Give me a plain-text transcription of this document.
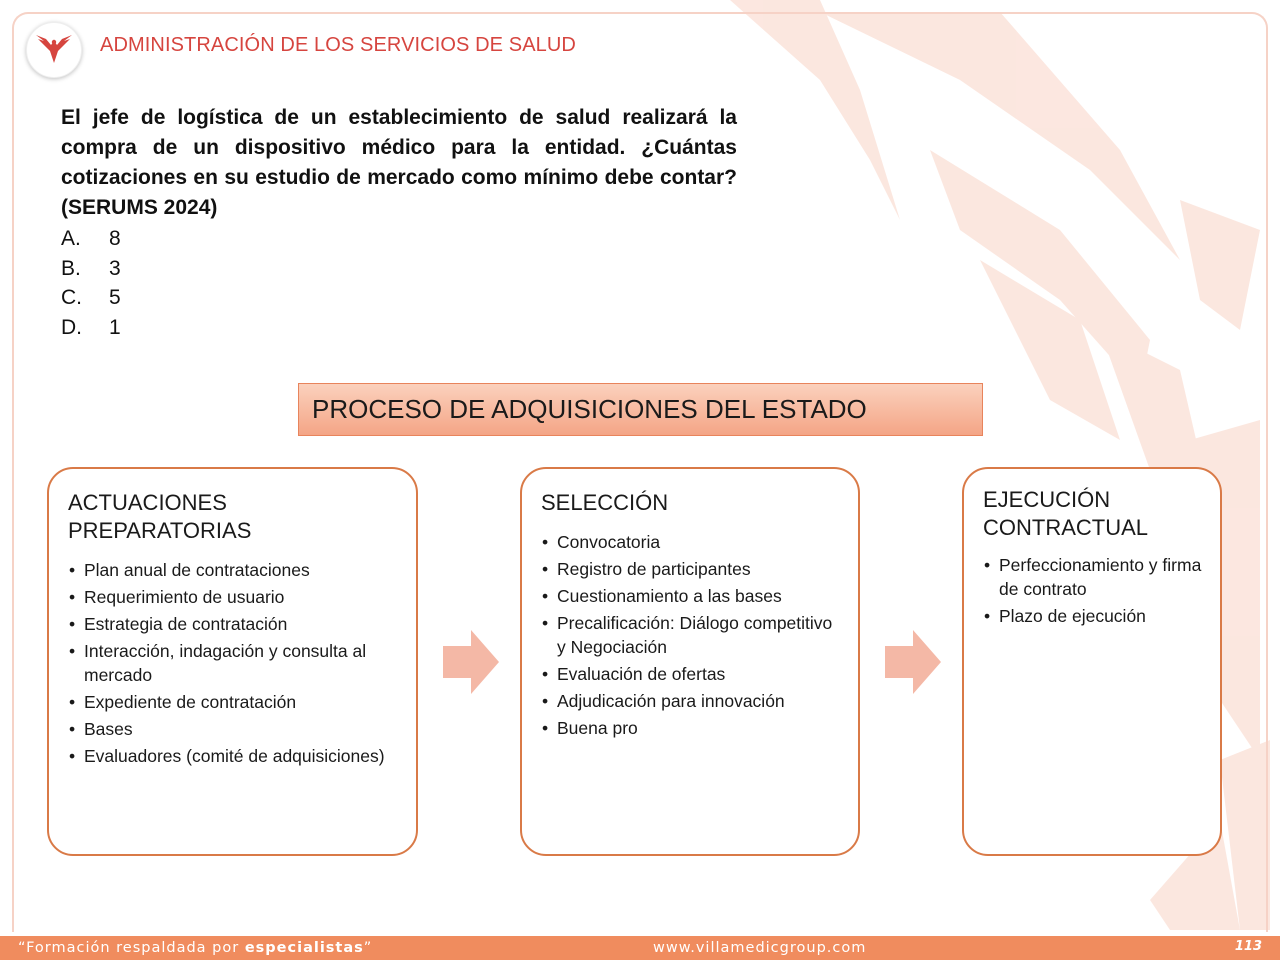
ADMINISTRACIÓN DE LOS SERVICIOS DE SALUD
El jefe de logística de un establecimiento de salud realizará la compra de un dispositivo médico para la entidad. ¿Cuántas cotizaciones en su estudio de mercado como mínimo debe contar? (SERUMS 2024)
A.	8
B.	3
C.	5
D.	1
PROCESO DE ADQUISICIONES DEL ESTADO
ACTUACIONES PREPARATORIAS
• Plan anual de contrataciones
• Requerimiento de usuario
• Estrategia de contratación
• Interacción, indagación y consulta al mercado
• Expediente de contratación
• Bases
• Evaluadores (comité de adquisiciones)
SELECCIÓN
• Convocatoria
• Registro de participantes
• Cuestionamiento a las bases
• Precalificación: Diálogo competitivo y Negociación
• Evaluación de ofertas
• Adjudicación para innovación
• Buena pro
EJECUCIÓN CONTRACTUAL
• Perfeccionamiento y firma de contrato
• Plazo de ejecución
“Formación respaldada por especialistas”	www.villamedicgroup.com	113
